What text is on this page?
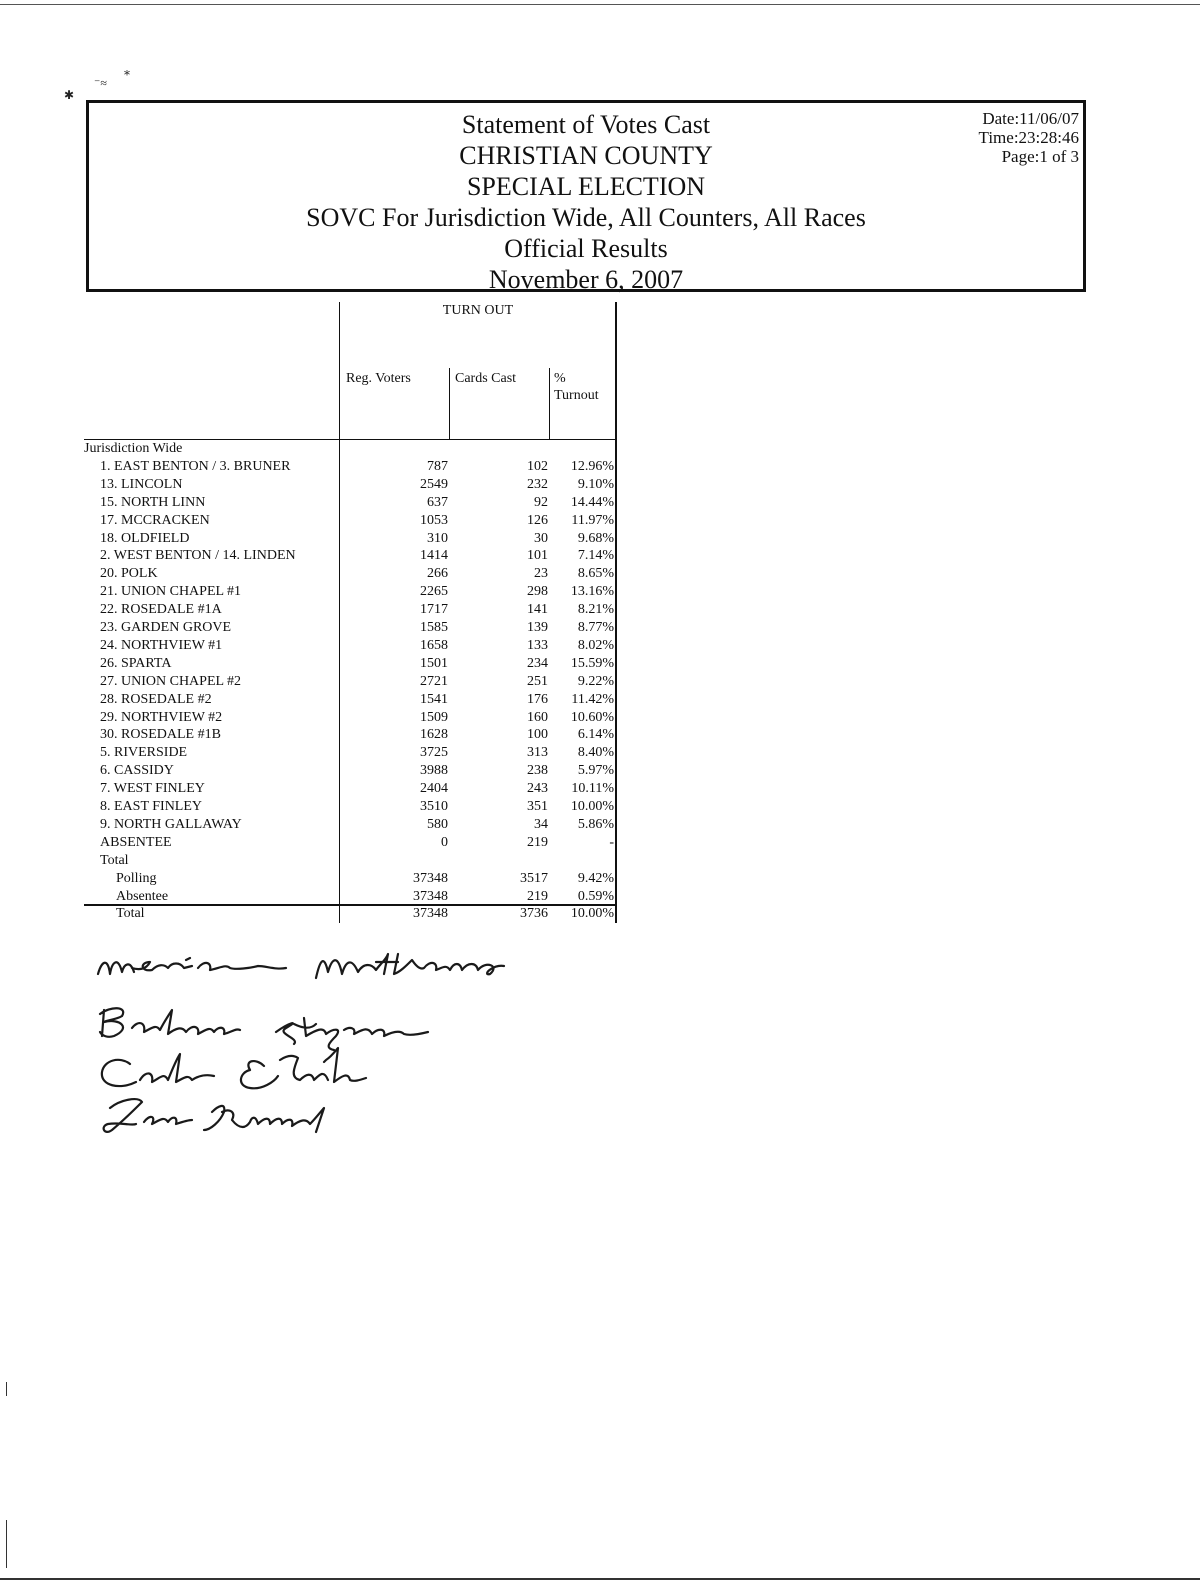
✱
⁻≈
⁎
Statement of Votes Cast
CHRISTIAN COUNTY
SPECIAL ELECTION
SOVC For Jurisdiction Wide, All Counters, All Races
Official Results
November 6, 2007
Date:11/06/07
Time:23:28:46
Page:1 of 3
TURN OUT
Reg. Voters	Cards Cast	%
Turnout
Jurisdiction Wide
1. EAST BENTON / 3. BRUNER	787	102	12.96%
13. LINCOLN	2549	232	9.10%
15. NORTH LINN	637	92	14.44%
17. MCCRACKEN	1053	126	11.97%
18. OLDFIELD	310	30	9.68%
2. WEST BENTON / 14. LINDEN	1414	101	7.14%
20. POLK	266	23	8.65%
21. UNION CHAPEL #1	2265	298	13.16%
22. ROSEDALE #1A	1717	141	8.21%
23. GARDEN GROVE	1585	139	8.77%
24. NORTHVIEW #1	1658	133	8.02%
26. SPARTA	1501	234	15.59%
27. UNION CHAPEL #2	2721	251	9.22%
28. ROSEDALE #2	1541	176	11.42%
29. NORTHVIEW #2	1509	160	10.60%
30. ROSEDALE #1B	1628	100	6.14%
5. RIVERSIDE	3725	313	8.40%
6. CASSIDY	3988	238	5.97%
7. WEST FINLEY	2404	243	10.11%
8. EAST FINLEY	3510	351	10.00%
9. NORTH GALLAWAY	580	34	5.86%
ABSENTEE	0	219	-
Total
Polling	37348	3517	9.42%
Absentee	37348	219	0.59%
Total	37348	3736	10.00%
